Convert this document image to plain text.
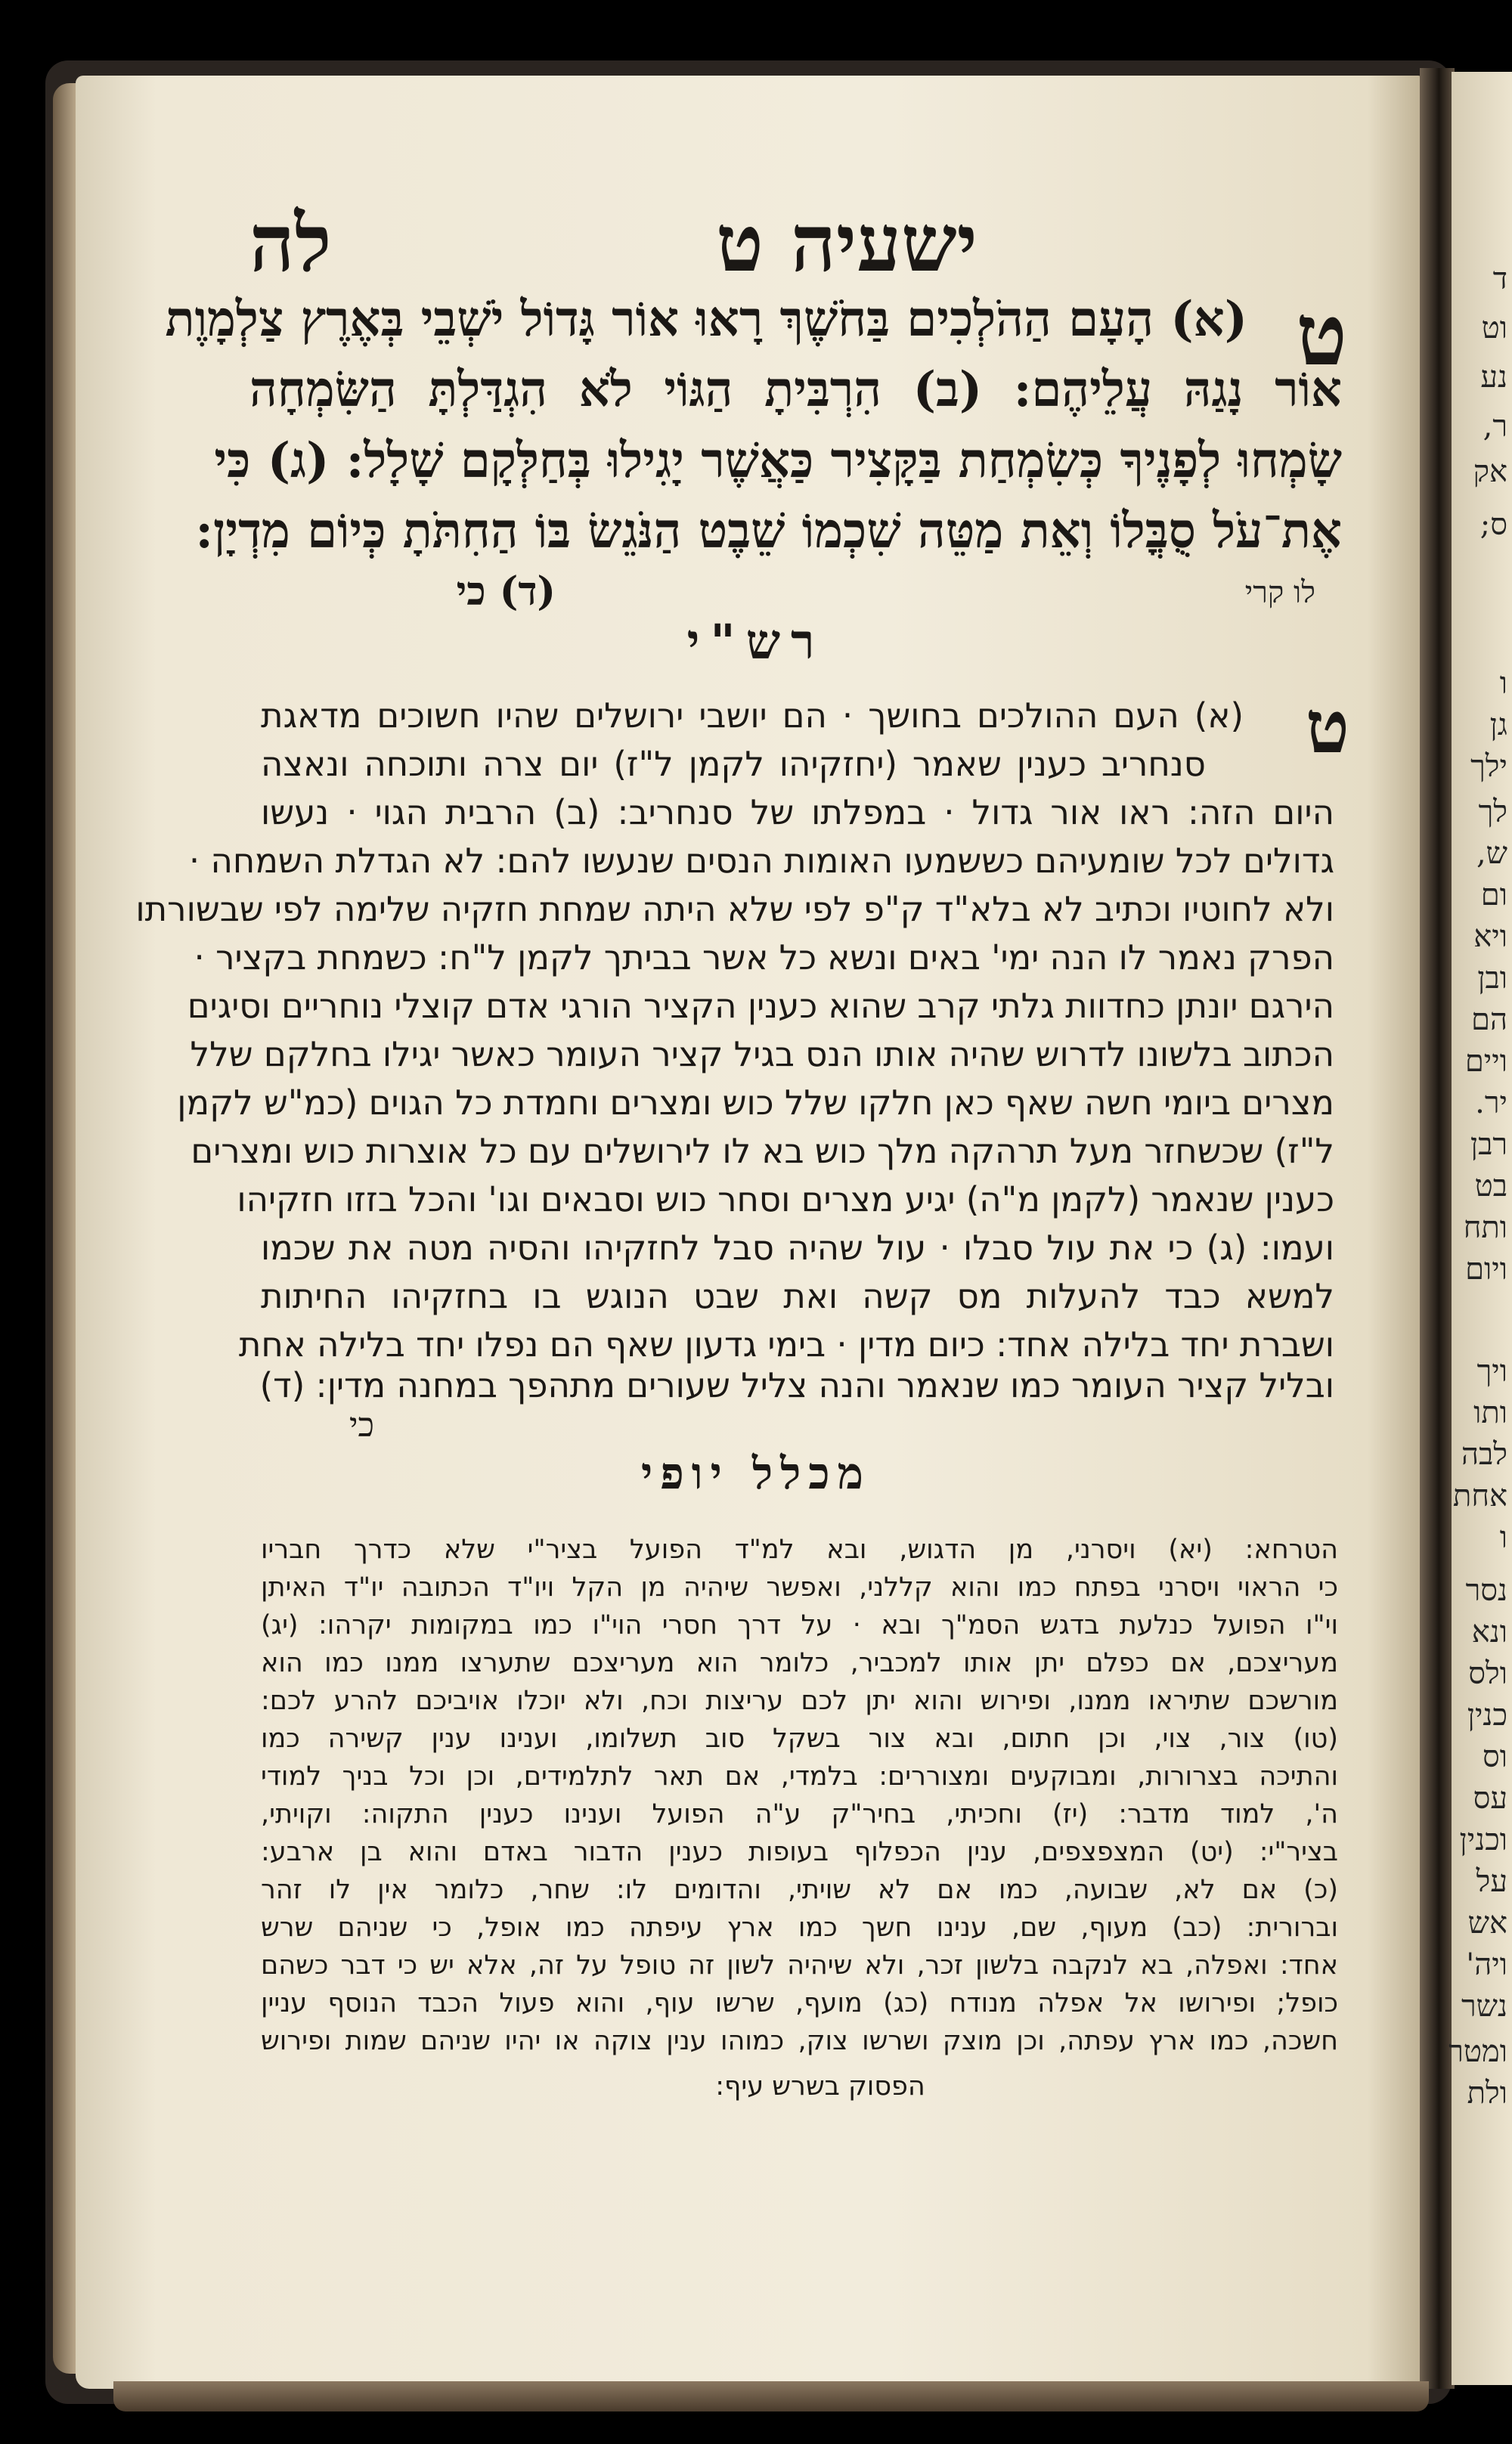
לה	ישעיה ט
ט
(א) הָעָם הַהֹלְכִים בַּחֹשֶׁךְ רָאוּ אוֹר גָּדוֹל יֹשְׁבֵי בְּאֶרֶץ צַלְמָוֶת
אוֹר נָגַהּ עֲלֵיהֶם: (ב) הִרְבִּיתָ הַגּוֹי לֹא הִגְדַּלְתָּ הַשִּׂמְחָה
שָׂמְחוּ לְפָנֶיךָ כְּשִׂמְחַת בַּקָּצִיר כַּאֲשֶׁר יָגִילוּ בְּחַלְּקָם שָׁלָל: (ג) כִּי
אֶת־עֹל סֻבֳּלוֹ וְאֵת מַטֵּה שִׁכְמוֹ שֵׁבֶט הַנֹּגֵשׂ בּוֹ הַחִתֹּתָ כְּיוֹם מִדְיָן:
לו קרי
(ד) כי
רש"י
ט
(א) העם ההולכים בחושך · הם יושבי ירושלים שהיו חשוכים מדאגת
סנחריב כענין שאמר (יחזקיהו לקמן ל"ז) יום צרה ותוכחה ונאצה
היום הזה: ראו אור גדול · במפלתו של סנחריב: (ב) הרבית הגוי · נעשו
גדולים לכל שומעיהם כששמעו האומות הנסים שנעשו להם: לא הגדלת השמחה ·
ולא לחוטיו וכתיב לא בלא"ד ק"פ לפי שלא היתה שמחת חזקיה שלימה לפי שבשורתו
הפרק נאמר לו הנה ימי' באים ונשא כל אשר בביתך לקמן ל"ח: כשמחת בקציר ·
הירגם יונתן כחדוות גלתי קרב שהוא כענין הקציר הורגי אדם קוצלי נוחריים וסיגים
הכתוב בלשונו לדרוש שהיה אותו הנס בגיל קציר העומר כאשר יגילו בחלקם שלל
מצרים ביומי חשה שאף כאן חלקו שלל כוש ומצרים וחמדת כל הגוים (כמ"ש לקמן
ל"ז) שכשחזר מעל תרהקה מלך כוש בא לו לירושלים עם כל אוצרות כוש ומצרים
כענין שנאמר (לקמן מ"ה) יגיע מצרים וסחר כוש וסבאים וגו' והכל בזזו חזקיהו
ועמו: (ג) כי את עול סבלו · עול שהיה סבל לחזקיהו והסיה מטה את שכמו
למשא כבד להעלות מס קשה ואת שבט הנוגש בו בחזקיהו החיתות
ושברת יחד בלילה אחד: כיום מדין · בימי גדעון שאף הם נפלו יחד בלילה אחת
ובליל קציר העומר כמו שנאמר והנה צליל שעורים מתהפך במחנה מדין: (ד)
כי
מכלל יופי
הטרחא: (יא) ויסרני, מן הדגוש, ובא למ"ד הפועל בציר"י שלא כדרך חבריו
כי הראוי ויסרני בפתח כמו והוא קללני, ואפשר שיהיה מן הקל ויו"ד הכתובה יו"ד האיתן
וי"ו הפועל כנלעת בדגש הסמ"ך ובא · על דרך חסרי הוי"ו כמו במקומות יקרהו: (יג)
מעריצכם, אם כפלם יתן אותו למכביר, כלומר הוא מעריצכם שתערצו ממנו כמו הוא
מורשכם שתיראו ממנו, ופירוש והוא יתן לכם עריצות וכח, ולא יוכלו אויביכם להרע לכם:
(טו) צור, צוי, וכן חתום, ובא צור בשקל סוב תשלומו, וענינו ענין קשירה כמו
והתיכה בצרורות, ומבוקעים ומצוררים: בלמדי, אם תאר לתלמידים, וכן וכל בניך למודי
ה', למוד מדבר: (יז) וחכיתי, בחיר"ק ע"ה הפועל וענינו כענין התקוה: וקויתי,
בציר"י: (יט) המצפצפים, ענין הכפלוף בעופות כענין הדבור באדם והוא בן ארבע:
(כ) אם לא, שבועה, כמו אם לא שויתי, והדומים לו: שחר, כלומר אין לו זהר
וברורית: (כב) מעוף, שם, ענינו חשך כמו ארץ עיפתה כמו אופל, כי שניהם שרש
אחד: ואפלה, בא לנקבה בלשון זכר, ולא שיהיה לשון זה טופל על זה, אלא יש כי דבר כשהם
כופל; ופירושו אל אפלה מנודח (כג) מועף, שרשו עוף, והוא פעול הכבד הנוסף עניין
חשכה, כמו ארץ עפתה, וכן מוצק ושרשו צוק, כמוהו ענין צוקה או יהיו שניהם שמות ופירוש
הפסוק בשרש עיף:
ד
וט
נע
ר,
אק
ס;
ו
גן
ילך
לך
ש,
ום
ויא
ובן
הם
ויים
יר.
רבן
בט
ותח
ויום
ויך
ותו
לבה
אחת
ו
נסר
ונא
ולס
כנין
וס
עס
וכנין
על
אש
ויה'
נשר
ומטר
ולת
